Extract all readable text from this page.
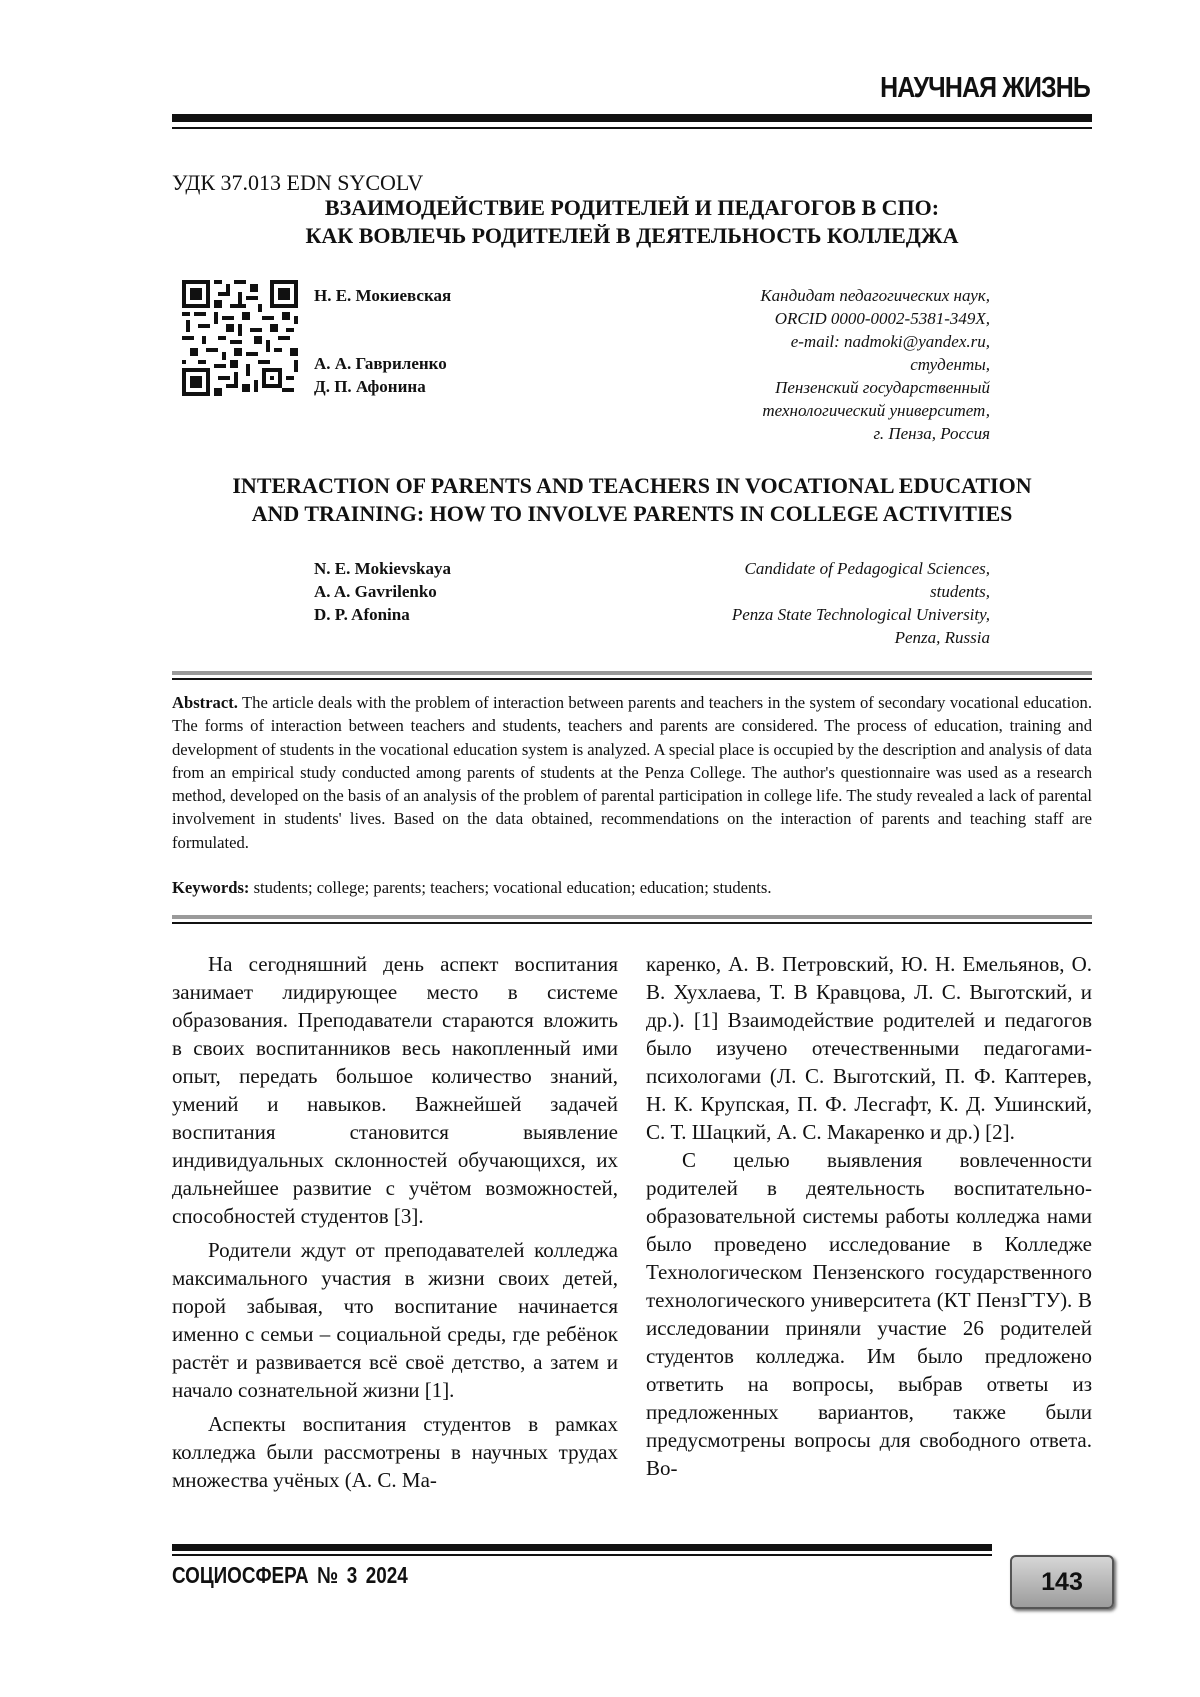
НАУЧНАЯ ЖИЗНЬ
УДК 37.013 EDN SYCOLV
ВЗАИМОДЕЙСТВИЕ РОДИТЕЛЕЙ И ПЕДАГОГОВ В СПО:
КАК ВОВЛЕЧЬ РОДИТЕЛЕЙ В ДЕЯТЕЛЬНОСТЬ КОЛЛЕДЖА
Н. Е. Мокиевская
А. А. Гавриленко
Д. П. Афонина
Кандидат педагогических наук,
ORCID 0000-0002-5381-349X,
e-mail: nadmoki@yandex.ru,
студенты,
Пензенский государственный
технологический университет,
г. Пенза, Россия
INTERACTION OF PARENTS AND TEACHERS IN VOCATIONAL EDUCATION
AND TRAINING: HOW TO INVOLVE PARENTS IN COLLEGE ACTIVITIES
N. E. Mokievskaya
A. A. Gavrilenko
D. P. Afonina
Candidate of Pedagogical Sciences,
students,
Penza State Technological University,
Penza, Russia
Abstract. The article deals with the problem of interaction between parents and teachers in the system of secondary vocational education. The forms of interaction between teachers and students, teachers and parents are considered. The process of education, training and development of students in the vocational education system is analyzed. A special place is occupied by the description and analysis of data from an empirical study conducted among parents of students at the Penza College. The author's questionnaire was used as a research method, developed on the basis of an analysis of the problem of parental participation in college life. The study revealed a lack of parental involvement in students' lives. Based on the data obtained, recommendations on the interaction of parents and teaching staff are formulated.
Keywords: students; college; parents; teachers; vocational education; education; students.

На сегодняшний день аспект воспитания занимает лидирующее место в системе образования. Преподаватели стараются вложить в своих воспитанников весь накопленный ими опыт, передать большое количество знаний, умений и навыков. Важнейшей задачей воспитания становится выявление индивидуальных склонностей обучающихся, их дальнейшее развитие с учётом возможностей, способностей студентов [3].

Родители ждут от преподавателей колледжа максимального участия в жизни своих детей, порой забывая, что воспитание начинается именно с семьи – социальной среды, где ребёнок растёт и развивается всё своё детство, а затем и начало сознательной жизни [1].

Аспекты воспитания студентов в рамках колледжа были рассмотрены в научных трудах множества учёных (А. С. Ма-

каренко, А. В. Петровский, Ю. Н. Емельянов, О. В. Хухлаева, Т. В Кравцова, Л. С. Выготский, и др.). [1] Взаимодействие родителей и педагогов было изучено отечественными педагогами-психологами (Л. С. Выготский, П. Ф. Каптерев, Н. К. Крупская, П. Ф. Лесгафт, К. Д. Ушинский, С. Т. Шацкий, А. С. Макаренко и др.) [2].

С целью выявления вовлеченности родителей в деятельность воспитательно-образовательной системы работы колледжа нами было проведено исследование в Колледже Технологическом Пензенского государственного технологического университета (КТ ПензГТУ). В исследовании приняли участие 26 родителей студентов колледжа. Им было предложено ответить на вопросы, выбрав ответы из предложенных вариантов, также были предусмотрены вопросы для свободного ответа. Во-

СОЦИОСФЕРА № 3 2024	143
